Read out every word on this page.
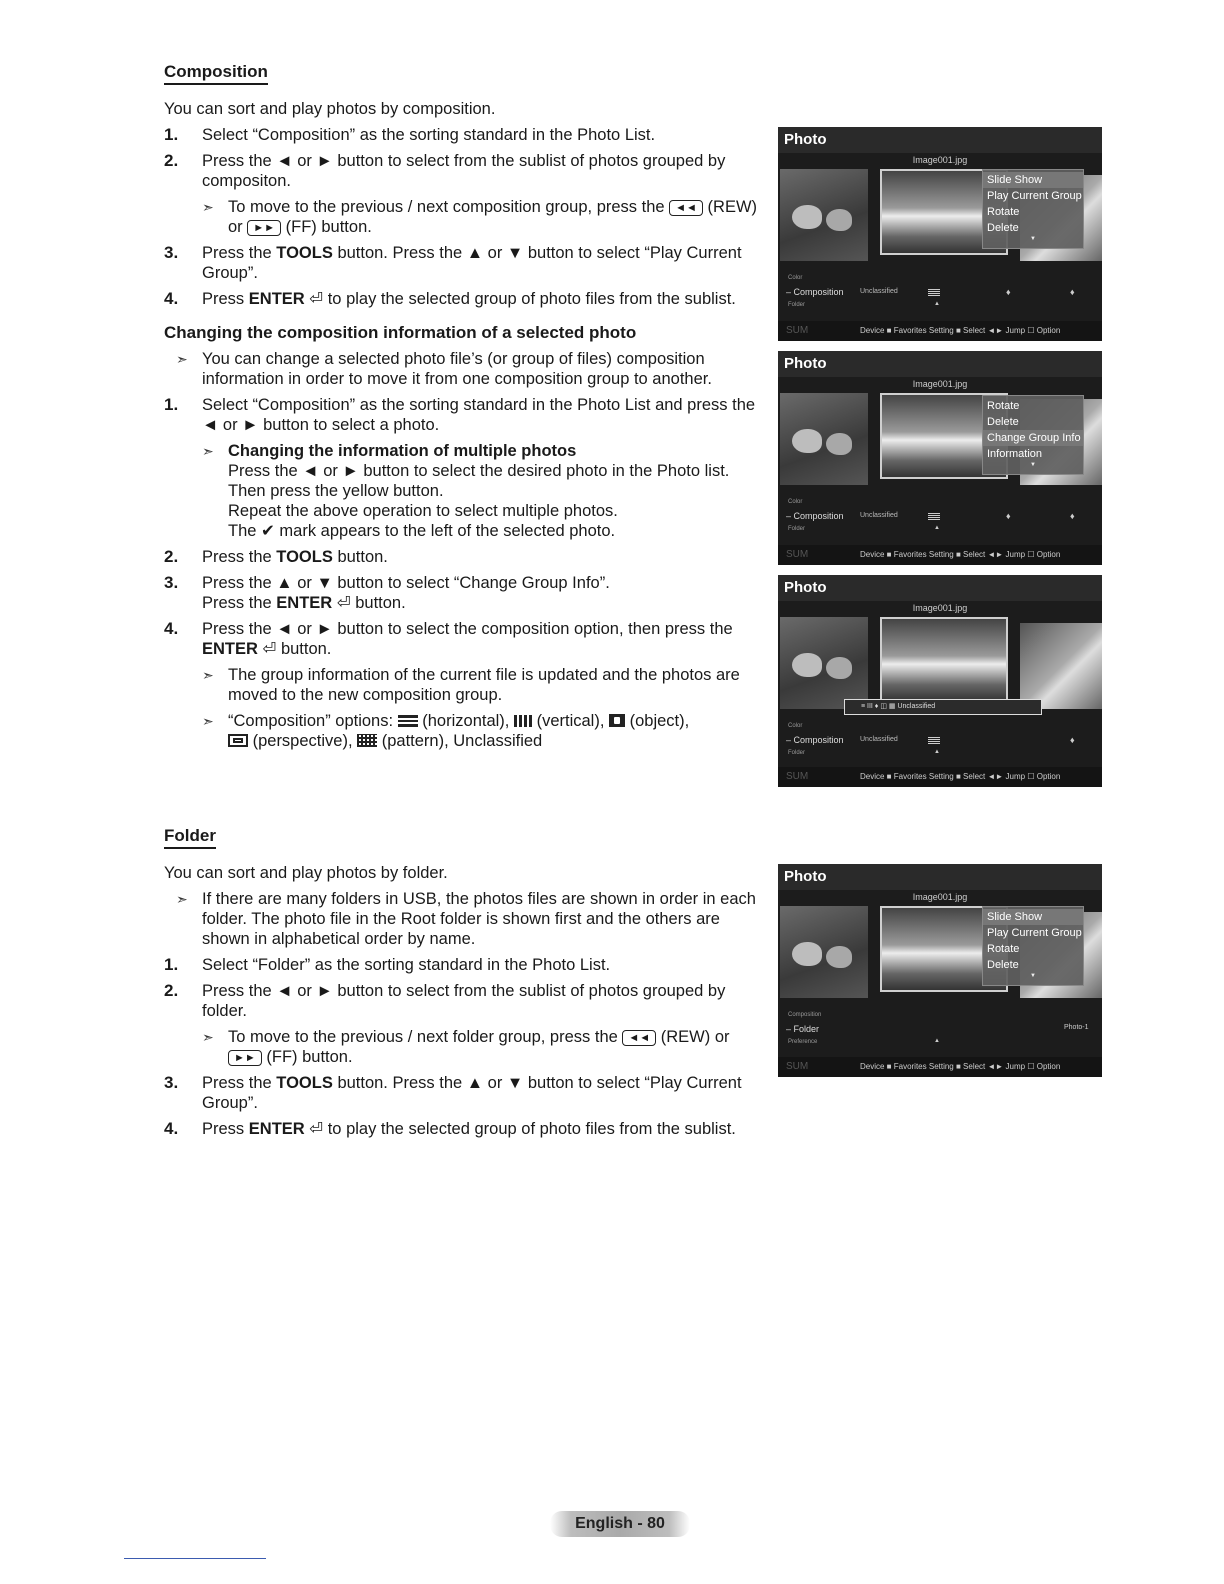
Composition
You can sort and play photos by composition.
1. Select “Composition” as the sorting standard in the Photo List.
2. Press the ◄ or ► button to select from the sublist of photos grouped by compositon.
➣ To move to the previous / next composition group, press the ◄◄ (REW) or ►► (FF) button.
3. Press the TOOLS button. Press the ▲ or ▼ button to select “Play Current Group”.
4. Press ENTER ⏎ to play the selected group of photo files from the sublist.
Changing the composition information of a selected photo
➣ You can change a selected photo file’s (or group of files) composition information in order to move it from one composition group to another.
1. Select “Composition” as the sorting standard in the Photo List and press the ◄ or ► button to select a photo.
➣ Changing the information of multiple photos
Press the ◄ or ► button to select the desired photo in the Photo list.
Then press the yellow button.
Repeat the above operation to select multiple photos.
The ✔ mark appears to the left of the selected photo.
2. Press the TOOLS button.
3. Press the ▲ or ▼ button to select “Change Group Info”.
Press the ENTER ⏎ button.
4. Press the ◄ or ► button to select the composition option, then press the ENTER ⏎ button.
➣ The group information of the current file is updated and the photos are moved to the new composition group.
➣ “Composition” options: (horizontal), (vertical), (object),
(perspective), (pattern), Unclassified
Folder
You can sort and play photos by folder.
➣ If there are many folders in USB, the photos files are shown in order in each folder. The photo file in the Root folder is shown first and the others are shown in alphabetical order by name.
1. Select “Folder” as the sorting standard in the Photo List.
2. Press the ◄ or ► button to select from the sublist of photos grouped by folder.
➣ To move to the previous / next folder group, press the ◄◄ (REW) or ►► (FF) button.
3. Press the TOOLS button. Press the ▲ or ▼ button to select “Play Current Group”.
4. Press ENTER ⏎ to play the selected group of photo files from the sublist.
Photo
Image001.jpg
Slide Show
Play Current Group
Rotate
Delete
▼
Color
– Composition
Folder
Unclassified
▲
♦	♦
SUM	Device ■ Favorites Setting ■ Select ◄► Jump ☐ Option
Photo
Image001.jpg
Rotate
Delete
Change Group Info
Information
▼
Color
– Composition
Folder
Unclassified
▲
♦	♦
SUM	Device ■ Favorites Setting ■ Select ◄► Jump ☐ Option
Photo
Image001.jpg
≡ III ♦ ◫ ▦ Unclassified
Color
– Composition
Folder
Unclassified
▲
♦
SUM	Device ■ Favorites Setting ■ Select ◄► Jump ☐ Option
Photo
Image001.jpg
Slide Show
Play Current Group
Rotate
Delete
▼
Composition
– Folder
Preference	▲
Photo-1
SUM	Device ■ Favorites Setting ■ Select ◄► Jump ☐ Option
English - 80
